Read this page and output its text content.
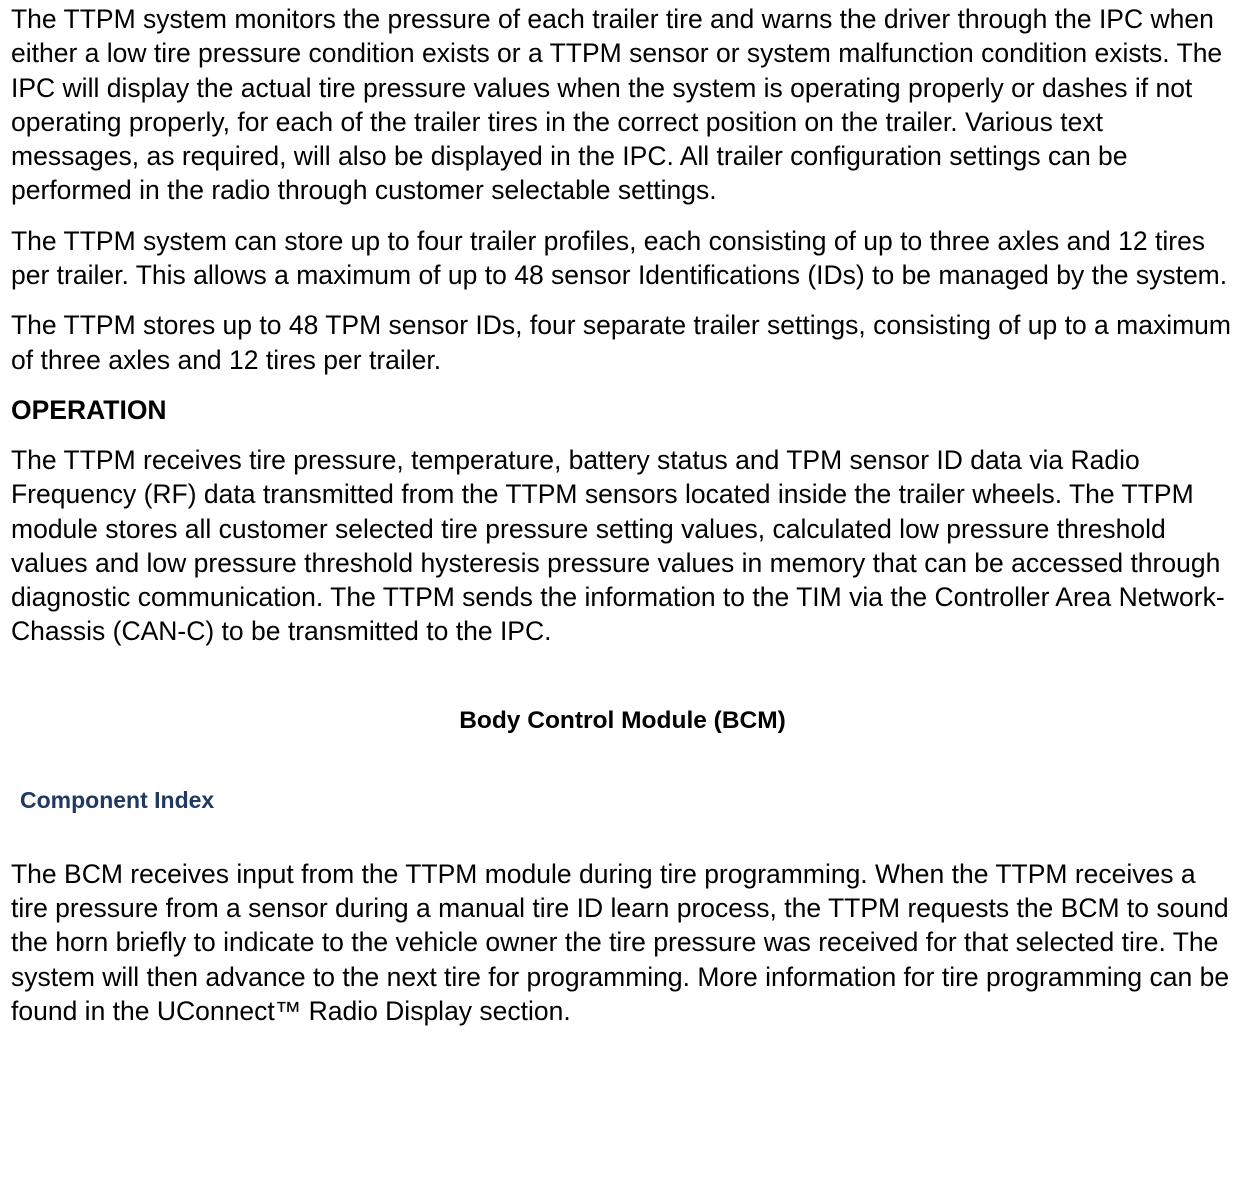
The TTPM system monitors the pressure of each trailer tire and warns the driver through the IPC when either a low tire pressure condition exists or a TTPM sensor or system malfunction condition exists. The IPC will display the actual tire pressure values when the system is operating properly or dashes if not operating properly, for each of the trailer tires in the correct position on the trailer. Various text messages, as required, will also be displayed in the IPC. All trailer configuration settings can be performed in the radio through customer selectable settings.

The TTPM system can store up to four trailer profiles, each consisting of up to three axles and 12 tires per trailer. This allows a maximum of up to 48 sensor Identifications (IDs) to be managed by the system.

The TTPM stores up to 48 TPM sensor IDs, four separate trailer settings, consisting of up to a maximum of three axles and 12 tires per trailer.

OPERATION

The TTPM receives tire pressure, temperature, battery status and TPM sensor ID data via Radio Frequency (RF) data transmitted from the TTPM sensors located inside the trailer wheels. The TTPM module stores all customer selected tire pressure setting values, calculated low pressure threshold values and low pressure threshold hysteresis pressure values in memory that can be accessed through diagnostic communication. The TTPM sends the information to the TIM via the Controller Area Network-Chassis (CAN-C) to be transmitted to the IPC.

Body Control Module (BCM)
Component Index

The BCM receives input from the TTPM module during tire programming. When the TTPM receives a tire pressure from a sensor during a manual tire ID learn process, the TTPM requests the BCM to sound the horn briefly to indicate to the vehicle owner the tire pressure was received for that selected tire. The system will then advance to the next tire for programming. More information for tire programming can be found in the UConnect™ Radio Display section.
